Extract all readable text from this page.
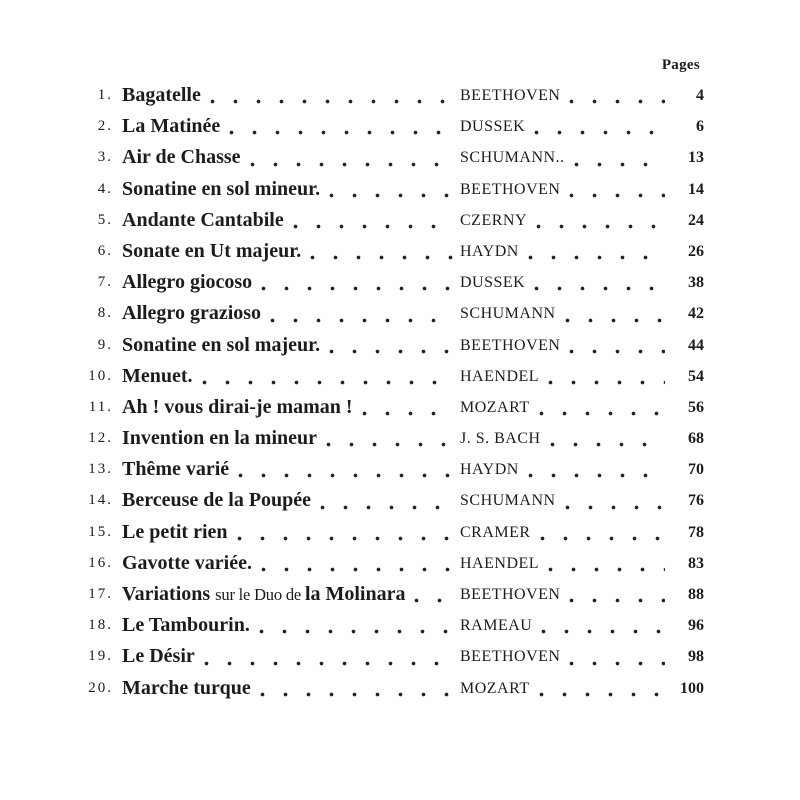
Pages
1. Bagatelle	BEETHOVEN	4
2. La Matinée	DUSSEK	6
3. Air de Chasse	SCHUMANN..	13
4. Sonatine en sol mineur.	BEETHOVEN	14
5. Andante Cantabile	CZERNY	24
6. Sonate en Ut majeur.	HAYDN	26
7. Allegro giocoso	DUSSEK	38
8. Allegro grazioso	SCHUMANN	42
9. Sonatine en sol majeur.	BEETHOVEN	44
10. Menuet.	HAENDEL	54
11. Ah ! vous dirai-je maman !	MOZART	56
12. Invention en la mineur	J. S. BACH	68
13. Thême varié	HAYDN	70
14. Berceuse de la Poupée	SCHUMANN	76
15. Le petit rien	CRAMER	78
16. Gavotte variée.	HAENDEL	83
17. Variations sur le Duo de la Molinara	BEETHOVEN	88
18. Le Tambourin.	RAMEAU	96
19. Le Désir	BEETHOVEN	98
20. Marche turque	MOZART	100
